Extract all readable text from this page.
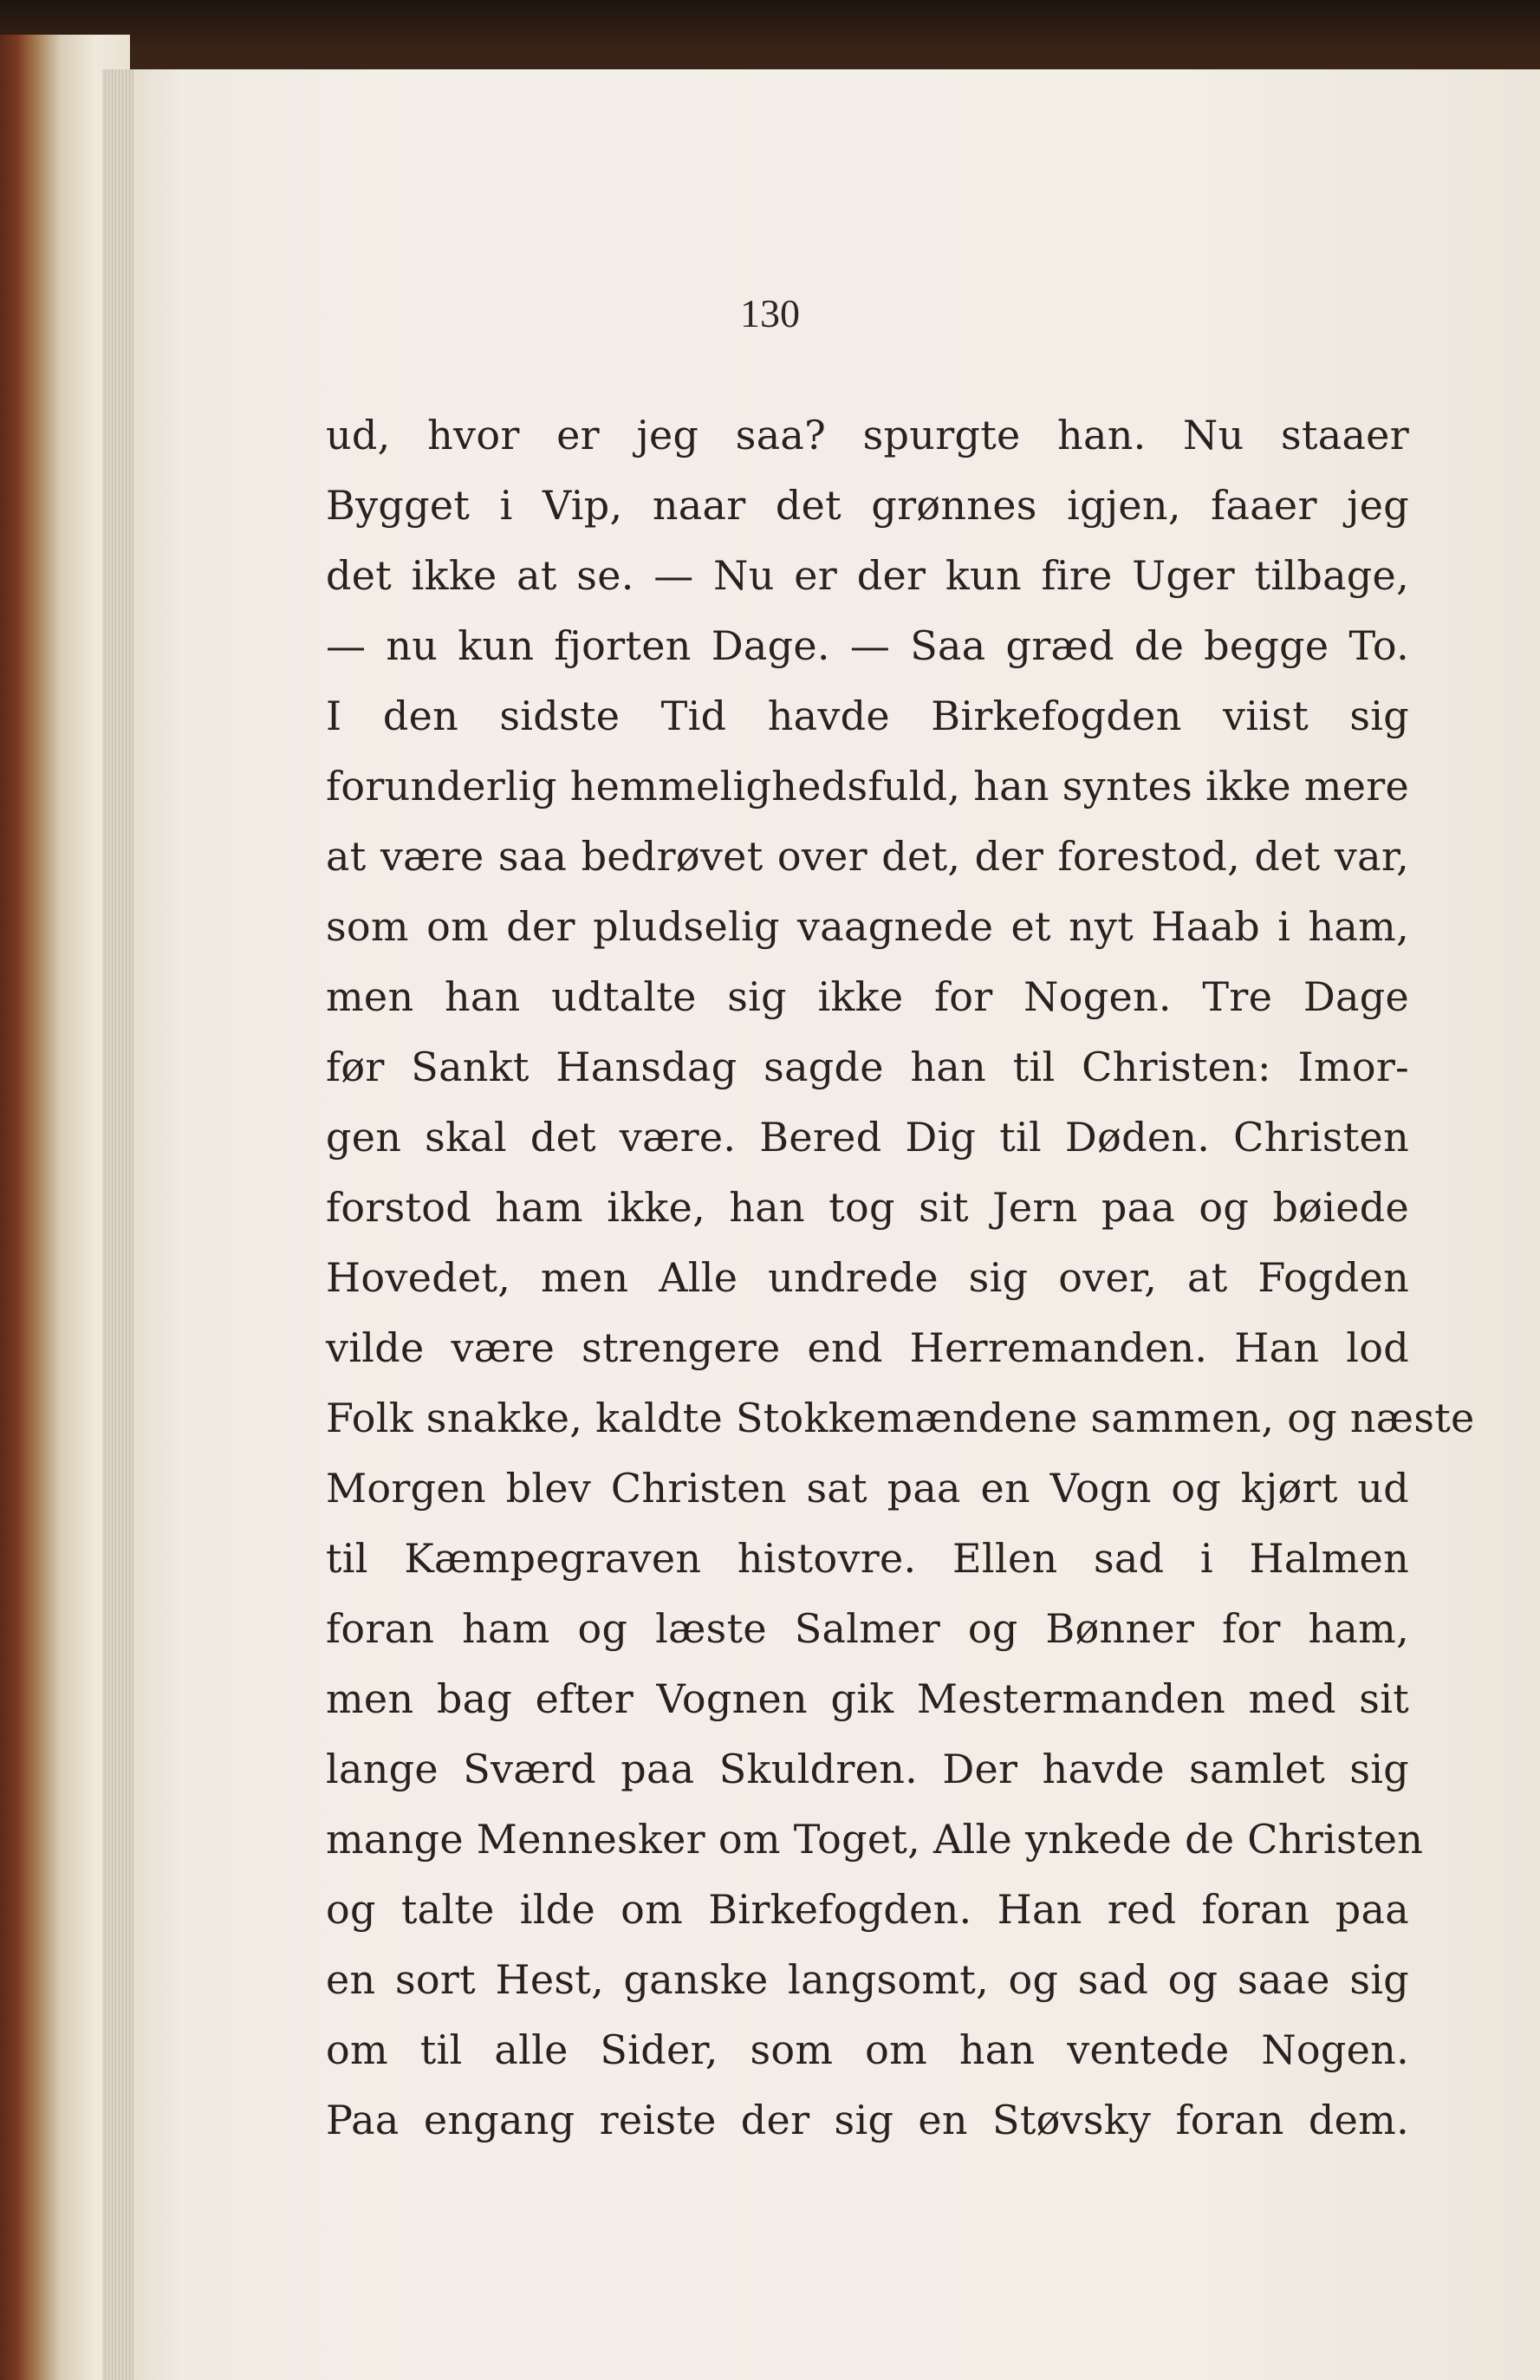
130

ud, hvor er jeg saa? spurgte han. Nu staaer
Bygget i Vip, naar det grønnes igjen, faaer jeg
det ikke at se. — Nu er der kun fire Uger tilbage,
— nu kun fjorten Dage. — Saa græd de begge To.
I den sidste Tid havde Birkefogden viist sig
forunderlig hemmelighedsfuld, han syntes ikke mere
at være saa bedrøvet over det, der forestod, det var,
som om der pludselig vaagnede et nyt Haab i ham,
men han udtalte sig ikke for Nogen. Tre Dage
før Sankt Hansdag sagde han til Christen: Imor-
gen skal det være. Bered Dig til Døden. Christen
forstod ham ikke, han tog sit Jern paa og bøiede
Hovedet, men Alle undrede sig over, at Fogden
vilde være strengere end Herremanden. Han lod
Folk snakke, kaldte Stokkemændene sammen, og næste
Morgen blev Christen sat paa en Vogn og kjørt ud
til Kæmpegraven histovre. Ellen sad i Halmen
foran ham og læste Salmer og Bønner for ham,
men bag efter Vognen gik Mestermanden med sit
lange Sværd paa Skuldren. Der havde samlet sig
mange Mennesker om Toget, Alle ynkede de Christen
og talte ilde om Birkefogden. Han red foran paa
en sort Hest, ganske langsomt, og sad og saae sig
om til alle Sider, som om han ventede Nogen.
Paa engang reiste der sig en Støvsky foran dem.
